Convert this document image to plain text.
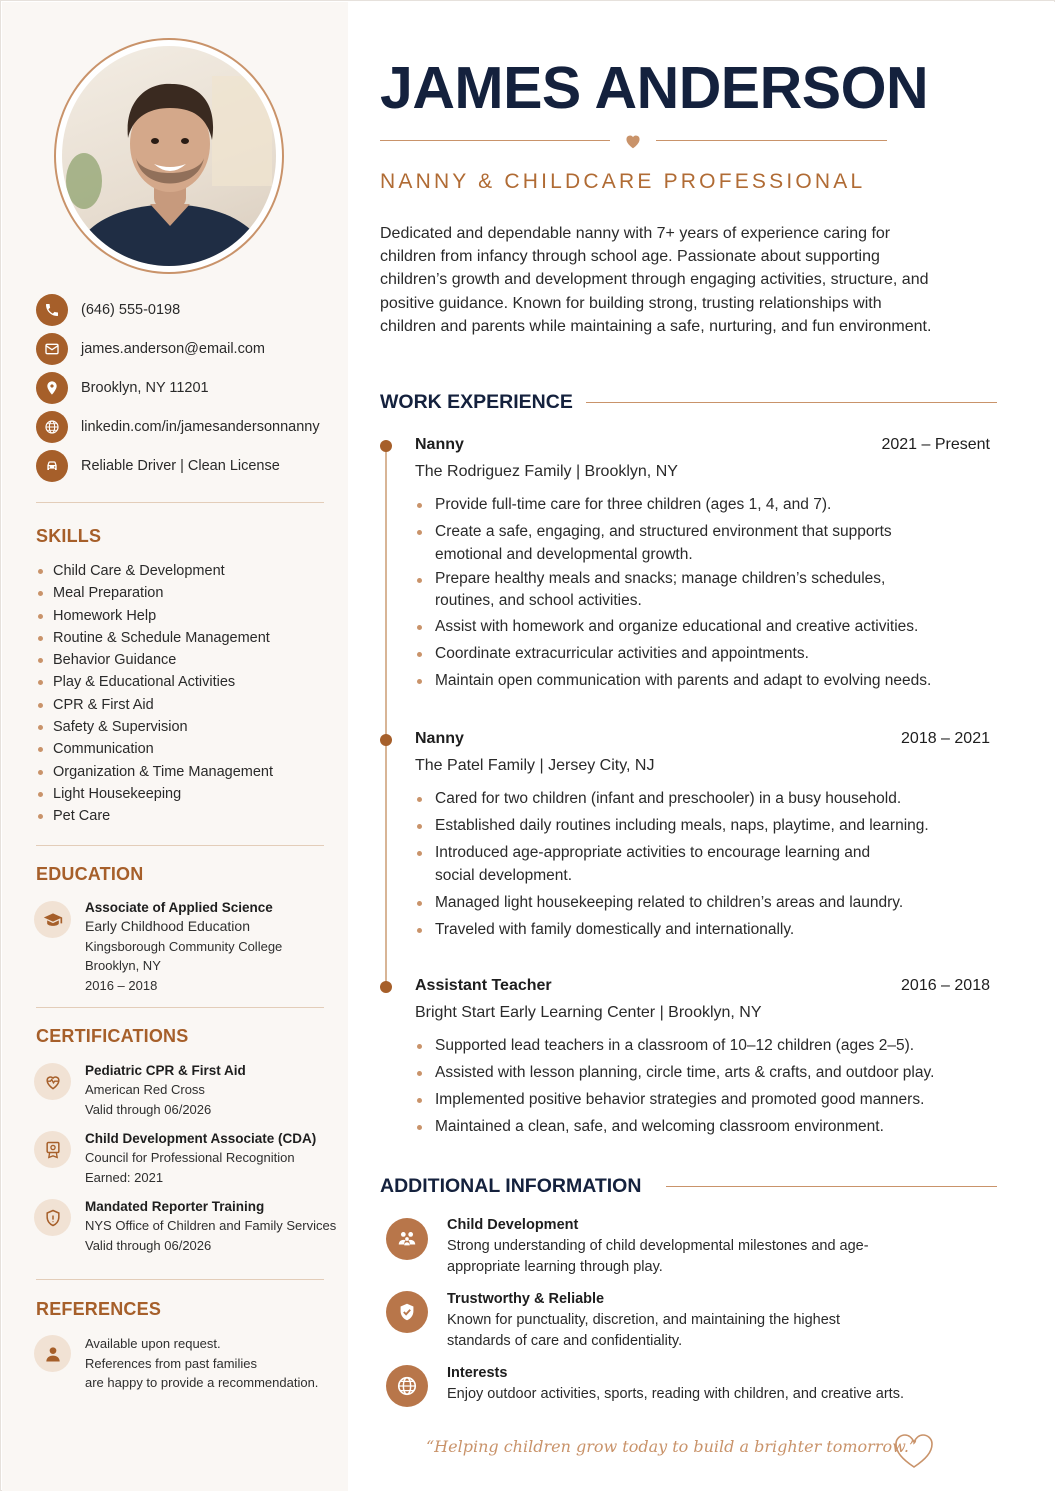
(646) 555-0198
james.anderson@email.com
Brooklyn, NY 11201
linkedin.com/in/jamesandersonnanny
Reliable Driver | Clean License
SKILLS
Child Care & Development
Meal Preparation
Homework Help
Routine & Schedule Management
Behavior Guidance
Play & Educational Activities
CPR & First Aid
Safety & Supervision
Communication
Organization & Time Management
Light Housekeeping
Pet Care
EDUCATION
Associate of Applied Science
Early Childhood Education
Kingsborough Community College
Brooklyn, NY
2016 – 2018
CERTIFICATIONS
Pediatric CPR & First Aid
American Red Cross
Valid through 06/2026
Child Development Associate (CDA)
Council for Professional Recognition
Earned: 2021
Mandated Reporter Training
NYS Office of Children and Family Services
Valid through 06/2026
REFERENCES
Available upon request.
References from past families
are happy to provide a recommendation.
JAMES ANDERSON
NANNY & CHILDCARE PROFESSIONAL

Dedicated and dependable nanny with 7+ years of experience caring for children from infancy through school age. Passionate about supporting children’s growth and development through engaging activities, structure, and positive guidance. Known for building strong, trusting relationships with children and parents while maintaining a safe, nurturing, and fun environment.

WORK EXPERIENCE
Nanny	2021 – Present
The Rodriguez Family | Brooklyn, NY
Provide full-time care for three children (ages 1, 4, and 7).
Create a safe, engaging, and structured environment that supports emotional and developmental growth.
Prepare healthy meals and snacks; manage children’s schedules, routines, and school activities.
Assist with homework and organize educational and creative activities.
Coordinate extracurricular activities and appointments.
Maintain open communication with parents and adapt to evolving needs.
Nanny	2018 – 2021
The Patel Family | Jersey City, NJ
Cared for two children (infant and preschooler) in a busy household.
Established daily routines including meals, naps, playtime, and learning.
Introduced age-appropriate activities to encourage learning and social development.
Managed light housekeeping related to children’s areas and laundry.
Traveled with family domestically and internationally.
Assistant Teacher	2016 – 2018
Bright Start Early Learning Center | Brooklyn, NY
Supported lead teachers in a classroom of 10–12 children (ages 2–5).
Assisted with lesson planning, circle time, arts & crafts, and outdoor play.
Implemented positive behavior strategies and promoted good manners.
Maintained a clean, safe, and welcoming classroom environment.
ADDITIONAL INFORMATION
Child Development
Strong understanding of child developmental milestones and age-appropriate learning through play.
Trustworthy & Reliable
Known for punctuality, discretion, and maintaining the highest standards of care and confidentiality.
Interests
Enjoy outdoor activities, sports, reading with children, and creative arts.
“Helping children grow today to build a brighter tomorrow.”
